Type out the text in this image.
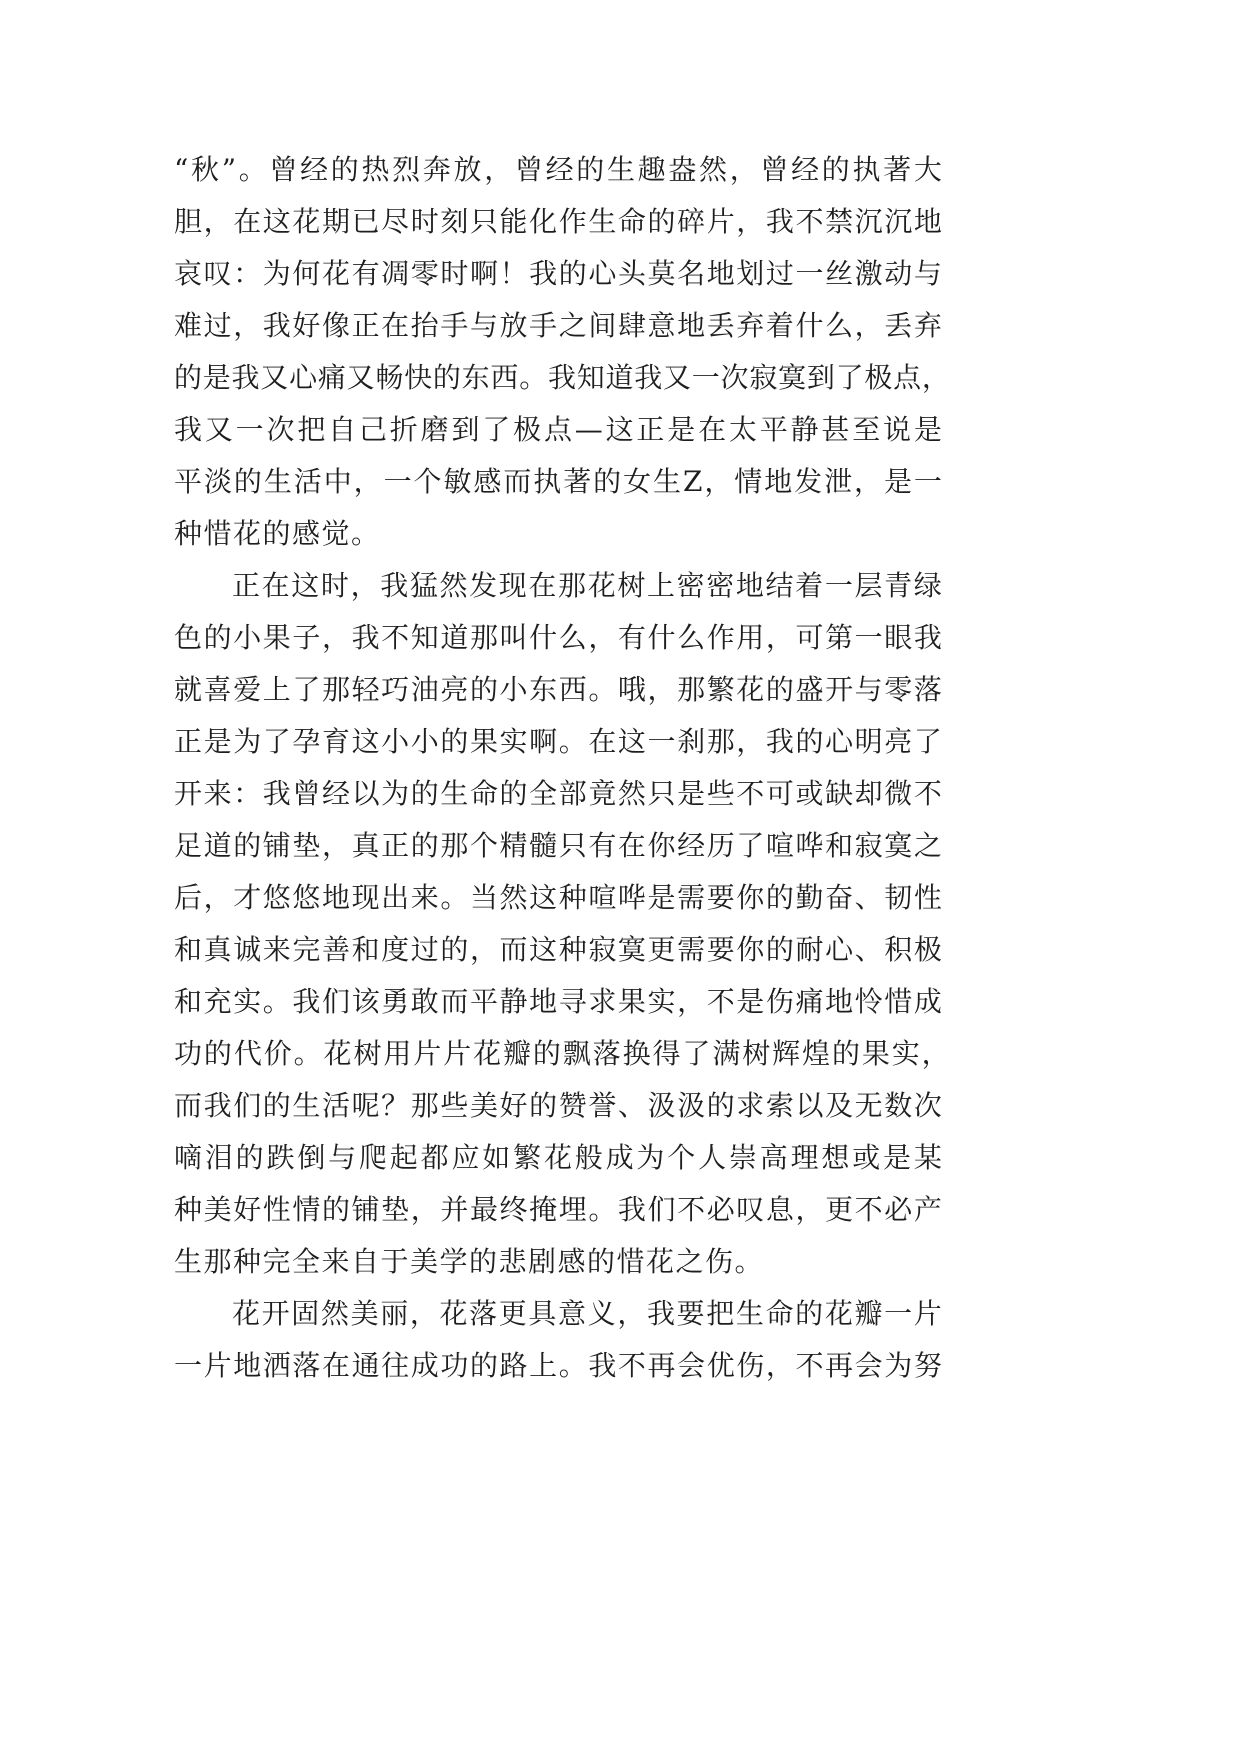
“ 秋 ” 。 曾 经 的 热 烈 奔 放 ， 曾 经 的 生 趣 盎 然 ， 曾 经 的 执 著 大
胆 ， 在 这 花 期 已 尽 时 刻 只 能 化 作 生 命 的 碎 片 ， 我 不 禁 沉 沉 地
哀 叹 ： 为 何 花 有 凋 零 时 啊 ！ 我 的 心 头 莫 名 地 划 过 一 丝 激 动 与
难 过 ， 我 好 像 正 在 抬 手 与 放 手 之 间 肆 意 地 丢 弃 着 什 么 ， 丢 弃
的 是 我 又 心 痛 又 畅 快 的 东 西 。 我 知 道 我 又 一 次 寂 寞 到 了 极 点 ，
我 又 一 次 把 自 己 折 磨 到 了 极 点 — 这 正 是 在 太 平 静 甚 至 说 是
平 淡 的 生 活 中 ， 一 个 敏 感 而 执 著 的 女 生 Z ， 情 地 发 泄 ， 是 一
种惜花的感觉。
正 在 这 时 ， 我 猛 然 发 现 在 那 花 树 上 密 密 地 结 着 一 层 青 绿
色 的 小 果 子 ， 我 不 知 道 那 叫 什 么 ， 有 什 么 作 用 ， 可 第 一 眼 我
就 喜 爱 上 了 那 轻 巧 油 亮 的 小 东 西 。 哦 ， 那 繁 花 的 盛 开 与 零 落
正 是 为 了 孕 育 这 小 小 的 果 实 啊 。 在 这 一 刹 那 ， 我 的 心 明 亮 了
开 来 ： 我 曾 经 以 为 的 生 命 的 全 部 竟 然 只 是 些 不 可 或 缺 却 微 不
足 道 的 铺 垫 ， 真 正 的 那 个 精 髓 只 有 在 你 经 历 了 喧 哗 和 寂 寞 之
后 ， 才 悠 悠 地 现 出 来 。 当 然 这 种 喧 哗 是 需 要 你 的 勤 奋 、 韧 性
和 真 诚 来 完 善 和 度 过 的 ， 而 这 种 寂 寞 更 需 要 你 的 耐 心 、 积 极
和 充 实 。 我 们 该 勇 敢 而 平 静 地 寻 求 果 实 ， 不 是 伤 痛 地 怜 惜 成
功 的 代 价 。 花 树 用 片 片 花 瓣 的 飘 落 换 得 了 满 树 辉 煌 的 果 实 ，
而 我 们 的 生 活 呢 ？ 那 些 美 好 的 赞 誉 、 汲 汲 的 求 索 以 及 无 数 次
嘀 泪 的 跌 倒 与 爬 起 都 应 如 繁 花 般 成 为 个 人 崇 高 理 想 或 是 某
种 美 好 性 情 的 铺 垫 ， 并 最 终 掩 埋 。 我 们 不 必 叹 息 ， 更 不 必 产
生那种完全来自于美学的悲剧感的惜花之伤。
花 开 固 然 美 丽 ， 花 落 更 具 意 义 ， 我 要 把 生 命 的 花 瓣 一 片
一 片 地 洒 落 在 通 往 成 功 的 路 上 。 我 不 再 会 优 伤 ， 不 再 会 为 努
